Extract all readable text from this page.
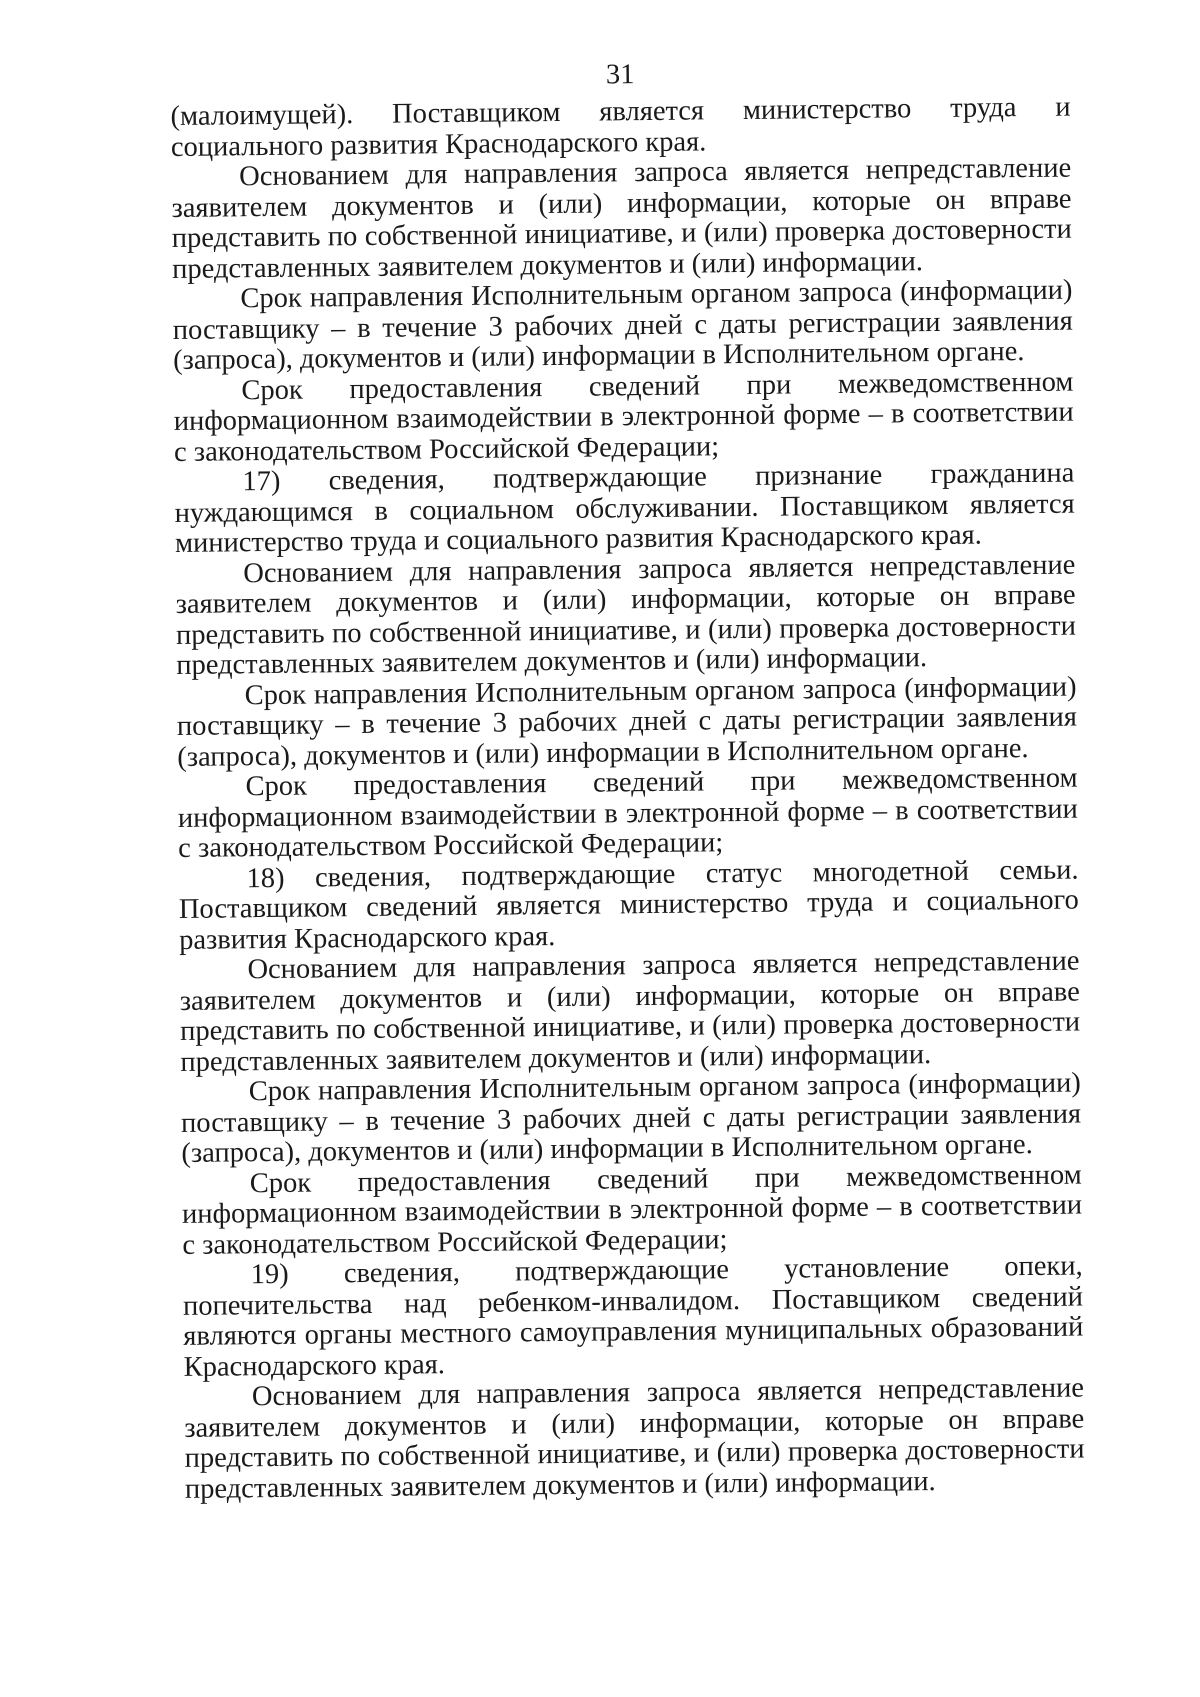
31

(малоимущей). Поставщиком является министерство труда и социального развития Краснодарского края.

Основанием для направления запроса является непредставление заявителем документов и (или) информации, которые он вправе представить по собственной инициативе, и (или) проверка достоверности представленных заявителем документов и (или) информации.

Срок направления Исполнительным органом запроса (информации) поставщику – в течение 3 рабочих дней с даты регистрации заявления (запроса), документов и (или) информации в Исполнительном органе.

Срок предоставления сведений при межведомственном информационном взаимодействии в электронной форме – в соответствии с законодательством Российской Федерации;

17) сведения, подтверждающие признание гражданина нуждающимся в социальном обслуживании. Поставщиком является министерство труда и социального развития Краснодарского края.

Основанием для направления запроса является непредставление заявителем документов и (или) информации, которые он вправе представить по собственной инициативе, и (или) проверка достоверности представленных заявителем документов и (или) информации.

Срок направления Исполнительным органом запроса (информации) поставщику – в течение 3 рабочих дней с даты регистрации заявления (запроса), документов и (или) информации в Исполнительном органе.

Срок предоставления сведений при межведомственном информационном взаимодействии в электронной форме – в соответствии с законодательством Российской Федерации;

18) сведения, подтверждающие статус многодетной семьи. Поставщиком сведений является министерство труда и социального развития Краснодарского края.

Основанием для направления запроса является непредставление заявителем документов и (или) информации, которые он вправе представить по собственной инициативе, и (или) проверка достоверности представленных заявителем документов и (или) информации.

Срок направления Исполнительным органом запроса (информации) поставщику – в течение 3 рабочих дней с даты регистрации заявления (запроса), документов и (или) информации в Исполнительном органе.

Срок предоставления сведений при межведомственном информационном взаимодействии в электронной форме – в соответствии с законодательством Российской Федерации;

19) сведения, подтверждающие установление опеки, попечительства над ребенком-инвалидом. Поставщиком сведений являются органы местного самоуправления муниципальных образований Краснодарского края.

Основанием для направления запроса является непредставление заявителем документов и (или) информации, которые он вправе представить по собственной инициативе, и (или) проверка достоверности представленных заявителем документов и (или) информации.
